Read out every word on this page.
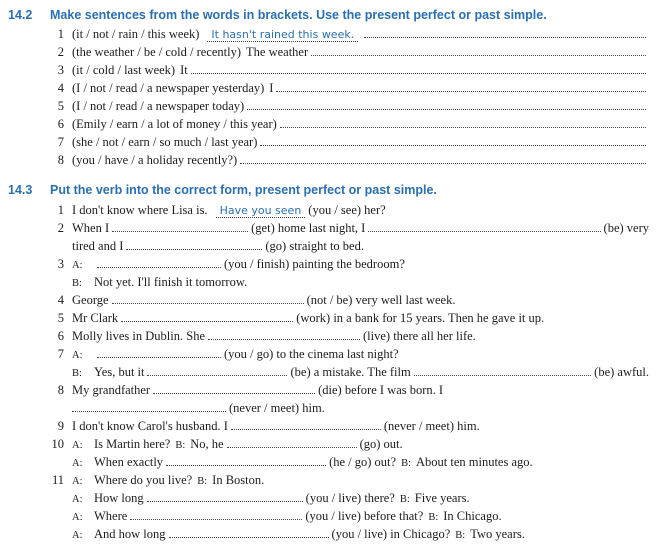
14.2 Make sentences from the words in brackets. Use the present perfect or past simple.
1 (it / not / rain / this week)	It hasn't rained this week.
2 (the weather / be / cold / recently) The weather
3 (it / cold / last week) It
4 (I / not / read / a newspaper yesterday) I
5 (I / not / read / a newspaper today)
6 (Emily / earn / a lot of money / this year)
7 (she / not / earn / so much / last year)
8 (you / have / a holiday recently?)
14.3 Put the verb into the correct form, present perfect or past simple.
1 I don't know where Lisa is.	Have you seen (you / see) her?
2 When I	(get) home last night, I	(be) very
tired and I	(go) straight to bed.
3 A:	(you / finish) painting the bedroom?
B: Not yet. I'll finish it tomorrow.
4 George	(not / be) very well last week.
5 Mr Clark	(work) in a bank for 15 years. Then he gave it up.
6 Molly lives in Dublin. She	(live) there all her life.
7 A:	(you / go) to the cinema last night?
B: Yes, but it	(be) a mistake. The film	(be) awful.
8 My grandfather	(die) before I was born. I
(never / meet) him.
9 I don't know Carol's husband. I	(never / meet) him.
10 A: Is Martin here? B: No, he	(go) out.
A: When exactly	(he / go) out? B: About ten minutes ago.
11 A: Where do you live? B: In Boston.
A: How long	(you / live) there? B: Five years.
A: Where	(you / live) before that? B: In Chicago.
A: And how long	(you / live) in Chicago? B: Two years.
